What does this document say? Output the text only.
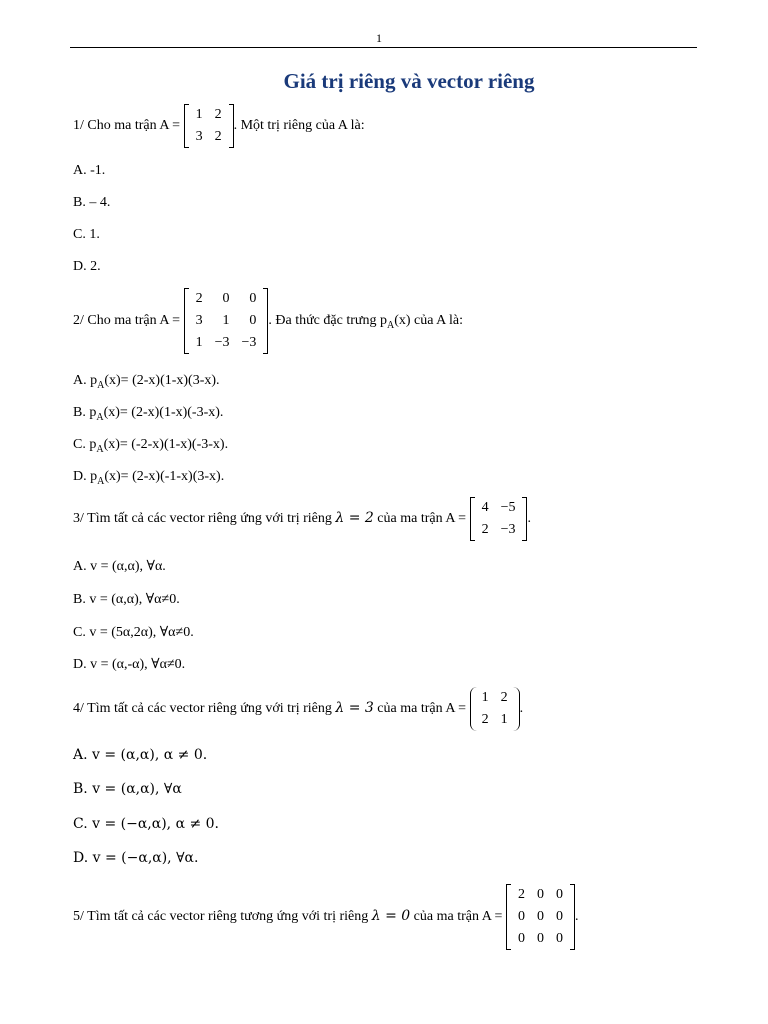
1
Giá trị riêng và vector riêng
1/ Cho ma trận A =
1	2
3	2
. Một trị riêng của A là:
A. -1.
B. – 4.
C. 1.
D. 2.
2/ Cho ma trận A =
2	0	0
3	1	0
1	−3	−3
. Đa thức đặc trưng $p_A(x)$ của A là:
A. $p_A(x)= (2-x)(1-x)(3-x)$.
B. $p_A(x)= (2-x)(1-x)(-3-x)$.
C. $p_A(x)= (-2-x)(1-x)(-3-x)$.
D. $p_A(x)= (2-x)(-1-x)(3-x)$.
3/ Tìm tất cả các vector riêng ứng với trị riêng λ = 2 của ma trận A =
4	−5
2	−3
.
A. v = (α,α), ∀α.
B. v = (α,α), ∀α≠0.
C. v = (5α,2α), ∀α≠0.
D. v = (α,-α), ∀α≠0.
4/ Tìm tất cả các vector riêng ứng với trị riêng λ = 3 của ma trận A =
1	2
2	1
.
A. v = (α,α), α ≠ 0.
B. v = (α,α), ∀α
C. v = (−α,α), α ≠ 0.
D. v = (−α,α), ∀α.
5/ Tìm tất cả các vector riêng tương ứng với trị riêng λ = 0 của ma trận A =
2	0	0
0	0	0
0	0	0
.
